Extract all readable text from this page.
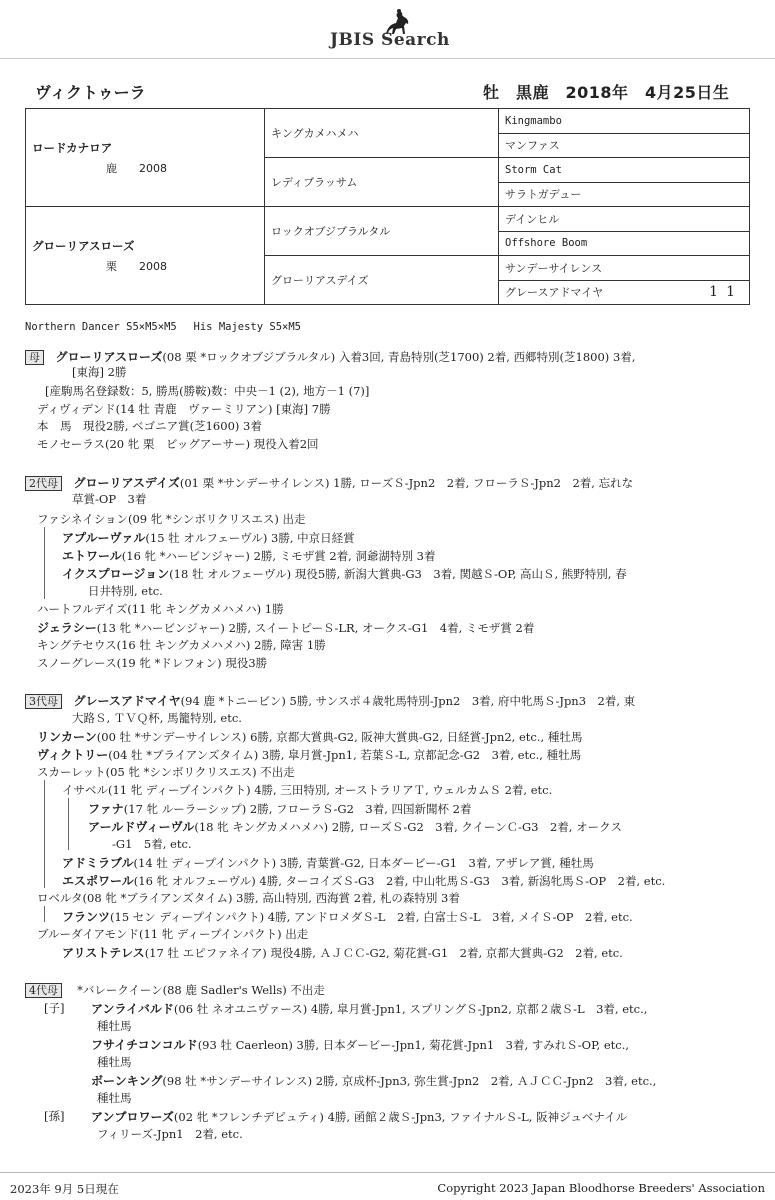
JBIS Search
ヴィクトゥーラ	牡　黒鹿　2018年　4月25日生
ロードカナロア
鹿　　2008	キングカメハメハ	Kingmambo
		マンファス
	レディブラッサム	Storm Cat
		サラトガデュー

グローリアスローズ
栗　　2008	ロックオブジブラルタル	デインヒル
		Offshore Boom
	グローリアスデイズ	サンデーサイレンス
		グレースアドマイヤ 11
Northern Dancer S5×M5×M5　 His Majesty S5×M5
母　 グローリアスローズ(08 栗 *ロックオブジブラルタル) 入着3回, 青島特別(芝1700) 2着, 西郷特別(芝1800) 3着,
[東海] 2勝
[産駒馬名登録数：5, 勝馬(勝鞍)数：中央－1 (2), 地方－1 (7)]
ディヴィデンド(14 牡 青鹿　ヴァーミリアン) [東海] 7勝
本　馬　現役2勝, ベゴニア賞(芝1600) 3着
モノセーラス(20 牝 栗　ビッグアーサー) 現役入着2回
2代母　 グローリアスデイズ(01 栗 *サンデーサイレンス) 1勝, ローズＳ-Jpn2　2着, フローラＳ-Jpn2　2着, 忘れな
草賞-OP　3着
ファシネイション(09 牝 *シンボリクリスエス) 出走
アプルーヴァル(15 牡 オルフェーヴル) 3勝, 中京日経賞
エトワール(16 牝 *ハービンジャー) 2勝, ミモザ賞 2着, 洞爺湖特別 3着
イクスプロージョン(18 牡 オルフェーヴル) 現役5勝, 新潟大賞典-G3　3着, 関越Ｓ-OP, 高山Ｓ, 熊野特別, 春
日井特別, etc.
ハートフルデイズ(11 牝 キングカメハメハ) 1勝
ジェラシー(13 牝 *ハービンジャー) 2勝, スイートピーＳ-LR, オークス-G1　4着, ミモザ賞 2着
キングテセウス(16 牡 キングカメハメハ) 2勝, 障害 1勝
スノーグレース(19 牝 *ドレフォン) 現役3勝
3代母　 グレースアドマイヤ(94 鹿 *トニービン) 5勝, サンスポ４歳牝馬特別-Jpn2　3着, 府中牝馬Ｓ-Jpn3　2着, 東
大路Ｓ, ＴＶＱ杯, 馬籠特別, etc.
リンカーン(00 牡 *サンデーサイレンス) 6勝, 京都大賞典-G2, 阪神大賞典-G2, 日経賞-Jpn2, etc., 種牡馬
ヴィクトリー(04 牡 *ブライアンズタイム) 3勝, 皐月賞-Jpn1, 若葉Ｓ-L, 京都記念-G2　3着, etc., 種牡馬
スカーレット(05 牝 *シンボリクリスエス) 不出走
イサベル(11 牝 ディープインパクト) 4勝, 三田特別, オーストラリアＴ, ウェルカムＳ 2着, etc.
ファナ(17 牝 ルーラーシップ) 2勝, フローラＳ-G2　3着, 四国新聞杯 2着
アールドヴィーヴル(18 牝 キングカメハメハ) 2勝, ローズＳ-G2　3着, クイーンＣ-G3　2着, オークス
-G1　5着, etc.
アドミラブル(14 牡 ディープインパクト) 3勝, 青葉賞-G2, 日本ダービー-G1　3着, アザレア賞, 種牡馬
エスポワール(16 牝 オルフェーヴル) 4勝, ターコイズＳ-G3　2着, 中山牝馬Ｓ-G3　3着, 新潟牝馬Ｓ-OP　2着, etc.
ロベルタ(08 牝 *ブライアンズタイム) 3勝, 高山特別, 西海賞 2着, 札の森特別 3着
フランツ(15 セン ディープインパクト) 4勝, アンドロメダＳ-L　2着, 白富士Ｓ-L　3着, メイＳ-OP　2着, etc.
ブルーダイアモンド(11 牝 ディープインパクト) 出走
アリストテレス(17 牡 エピファネイア) 現役4勝, ＡＪＣＣ-G2, 菊花賞-G1　2着, 京都大賞典-G2　2着, etc.
4代母　 *バレークイーン(88 鹿 Sadler's Wells) 不出走
[子] アンライバルド(06 牡 ネオユニヴァース) 4勝, 皐月賞-Jpn1, スプリングＳ-Jpn2, 京都２歳Ｓ-L　3着, etc.,
種牡馬
フサイチコンコルド(93 牡 Caerleon) 3勝, 日本ダービー-Jpn1, 菊花賞-Jpn1　3着, すみれＳ-OP, etc.,
種牡馬
ボーンキング(98 牡 *サンデーサイレンス) 2勝, 京成杯-Jpn3, 弥生賞-Jpn2　2着, ＡＪＣＣ-Jpn2　3着, etc.,
種牡馬
[孫] アンブロワーズ(02 牝 *フレンチデピュティ) 4勝, 函館２歳Ｓ-Jpn3, ファイナルＳ-L, 阪神ジュベナイル
フィリーズ-Jpn1　2着, etc.
2023年 9月 5日現在	Copyright 2023 Japan Bloodhorse Breeders' Association
